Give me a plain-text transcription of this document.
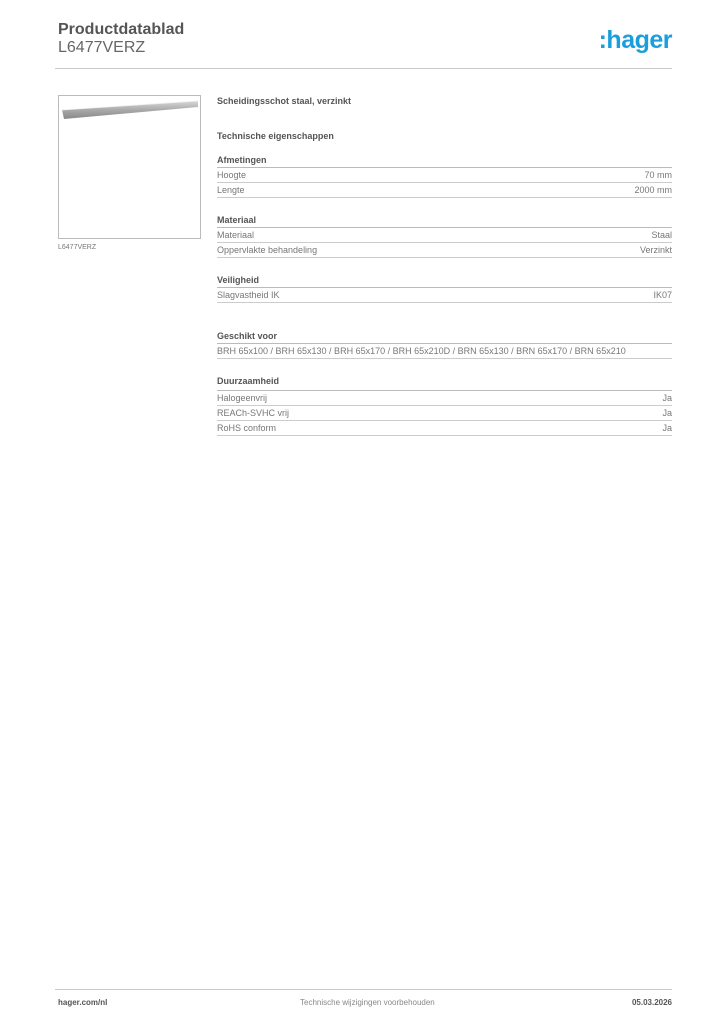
Productdatablad
L6477VERZ	:hager
L6477VERZ
Scheidingsschot staal, verzinkt
Technische eigenschappen
Afmetingen
Hoogte	70 mm
Lengte	2000 mm
Materiaal
Materiaal	Staal
Oppervlakte behandeling	Verzinkt
Veiligheid
Slagvastheid IK	IK07
Geschikt voor
BRH 65x100 / BRH 65x130 / BRH 65x170 / BRH 65x210D / BRN 65x130 / BRN 65x170 / BRN 65x210
Duurzaamheid
Halogeenvrij	Ja
REACh-SVHC vrij	Ja
RoHS conform	Ja
hager.com/nl	Technische wijzigingen voorbehouden	05.03.2026
